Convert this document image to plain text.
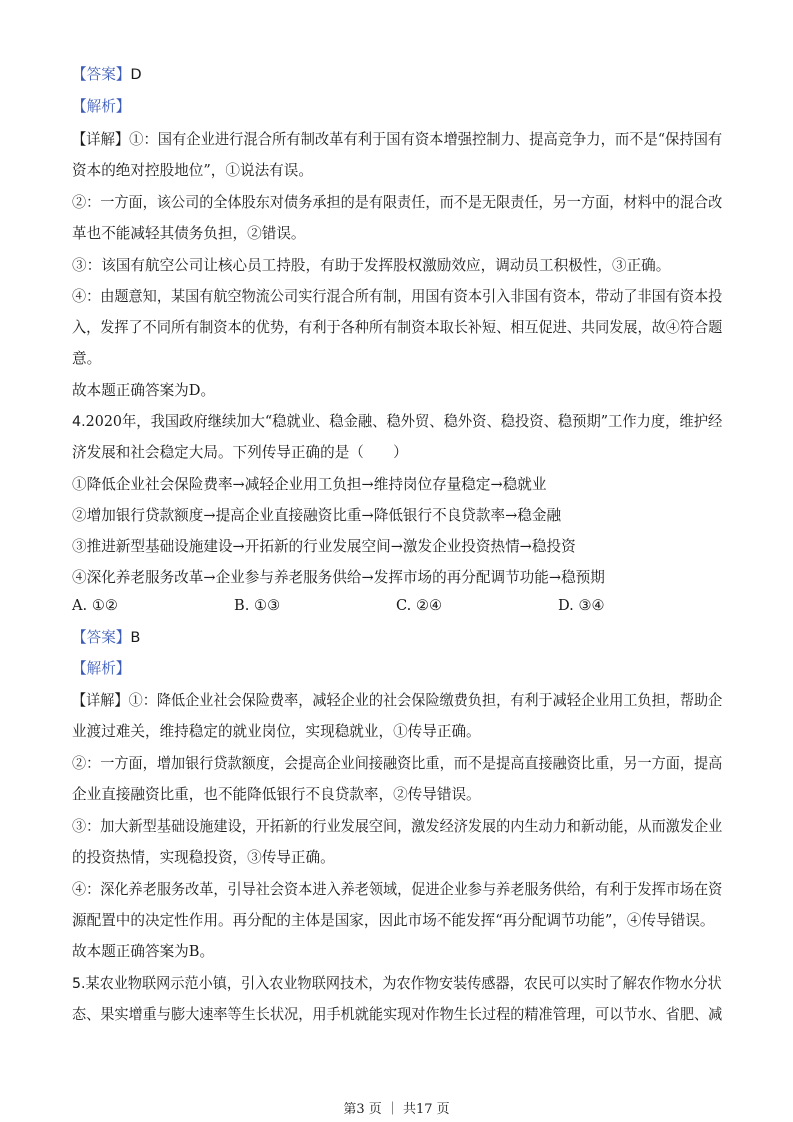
【答案】D
【解析】
【详解】①：国有企业进行混合所有制改革有利于国有资本增强控制力、提高竞争力，而不是“保持国有
资本的绝对控股地位”，①说法有误。
②：一方面，该公司的全体股东对债务承担的是有限责任，而不是无限责任，另一方面，材料中的混合改
革也不能减轻其债务负担，②错误。
③：该国有航空公司让核心员工持股，有助于发挥股权激励效应，调动员工积极性，③正确。
④：由题意知，某国有航空物流公司实行混合所有制，用国有资本引入非国有资本，带动了非国有资本投
入，发挥了不同所有制资本的优势，有利于各种所有制资本取长补短、相互促进、共同发展，故④符合题
意。
故本题正确答案为D。
4.2020年，我国政府继续加大“稳就业、稳金融、稳外贸、稳外资、稳投资、稳预期”工作力度，维护经
济发展和社会稳定大局。下列传导正确的是（　　）
①降低企业社会保险费率→减轻企业用工负担→维持岗位存量稳定→稳就业
②增加银行贷款额度→提高企业直接融资比重→降低银行不良贷款率→稳金融
③推进新型基础设施建设→开拓新的行业发展空间→激发企业投资热情→稳投资
④深化养老服务改革→企业参与养老服务供给→发挥市场的再分配调节功能→稳预期
A. ①②	B. ①③	C. ②④	D. ③④
【答案】B
【解析】
【详解】①：降低企业社会保险费率，减轻企业的社会保险缴费负担，有利于减轻企业用工负担，帮助企
业渡过难关，维持稳定的就业岗位，实现稳就业，①传导正确。
②：一方面，增加银行贷款额度，会提高企业间接融资比重，而不是提高直接融资比重，另一方面，提高
企业直接融资比重，也不能降低银行不良贷款率，②传导错误。
③：加大新型基础设施建设，开拓新的行业发展空间，激发经济发展的内生动力和新动能，从而激发企业
的投资热情，实现稳投资，③传导正确。
④：深化养老服务改革，引导社会资本进入养老领域，促进企业参与养老服务供给，有利于发挥市场在资
源配置中的决定性作用。再分配的主体是国家，因此市场不能发挥“再分配调节功能”，④传导错误。
故本题正确答案为B。
5.某农业物联网示范小镇，引入农业物联网技术，为农作物安装传感器，农民可以实时了解农作物水分状
态、果实增重与膨大速率等生长状况，用手机就能实现对作物生长过程的精准管理，可以节水、省肥、减
第3 页 ｜ 共17 页
